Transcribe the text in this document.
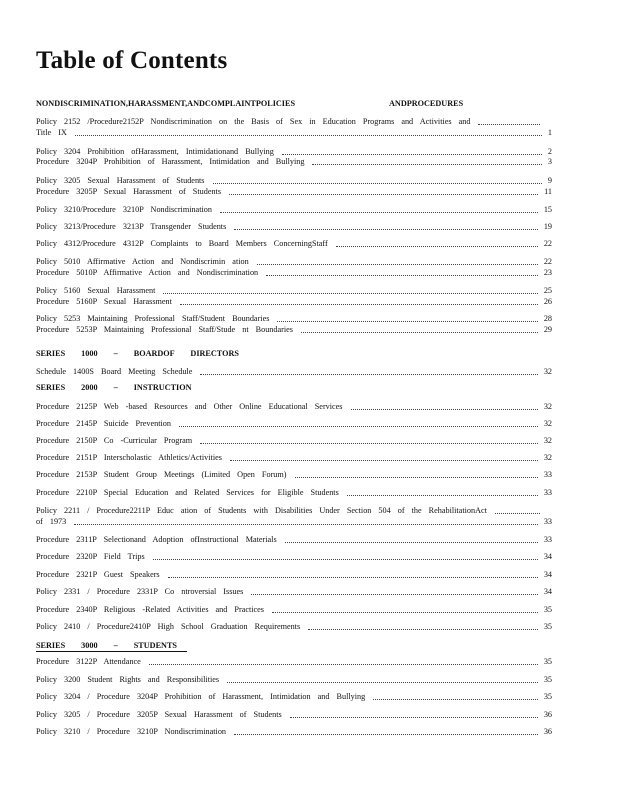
Table of Contents
NONDISCRIMINATION,HARASSMENT,ANDCOMPLAINTPOLICIES	ANDPROCEDURES
Policy 2152 /Procedure2152P Nondiscrimination on the Basis of Sex in Education Programs and Activities and
Title IX	1
Policy 3204 Prohibition ofHarassment, Intimidationand Bullying	2
Procedure 3204P Prohibition of Harassment, Intimidation and Bullying	3
Policy 3205 Sexual Harassment of Students	9
Procedure 3205P Sexual Harassment of Students	11
Policy 3210/Procedure 3210P Nondiscrimination	15
Policy 3213/Procedure 3213P Transgender Students	19
Policy 4312/Procedure 4312P Complaints to Board Members ConcerningStaff	22
Policy 5010 Affirmative Action and Nondiscrimin ation	22
Procedure 5010P Affirmative Action and Nondiscrimination	23
Policy 5160 Sexual Harassment	25
Procedure 5160P Sexual Harassment	26
Policy 5253 Maintaining Professional Staff/Student Boundaries	28
Procedure 5253P Maintaining Professional Staff/Stude nt Boundaries	29
SERIES 1000 – BOARDOF DIRECTORS
Schedule 1400S Board Meeting Schedule	32
SERIES 2000 – INSTRUCTION
Procedure 2125P Web -based Resources and Other Online Educational Services	32
Procedure 2145P Suicide Prevention	32
Procedure 2150P Co -Curricular Program	32
Procedure 2151P Interscholastic Athletics/Activities	32
Procedure 2153P Student Group Meetings (Limited Open Forum)	33
Procedure 2210P Special Education and Related Services for Eligible Students	33
Policy 2211 / Procedure2211P Educ ation of Students with Disabilities Under Section 504 of the RehabilitationAct
of 1973	33
Procedure 2311P Selectionand Adoption ofInstructional Materials	33
Procedure 2320P Field Trips	34
Procedure 2321P Guest Speakers	34
Policy 2331 / Procedure 2331P Co ntroversial Issues	34
Procedure 2340P Religious -Related Activities and Practices	35
Policy 2410 / Procedure2410P High School Graduation Requirements	35
SERIES 3000 – STUDENTS
Procedure 3122P Attendance	35
Policy 3200 Student Rights and Responsibilities	35
Policy 3204 / Procedure 3204P Prohibition of Harassment, Intimidation and Bullying	35
Policy 3205 / Procedure 3205P Sexual Harassment of Students	36
Policy 3210 / Procedure 3210P Nondiscrimination	36
